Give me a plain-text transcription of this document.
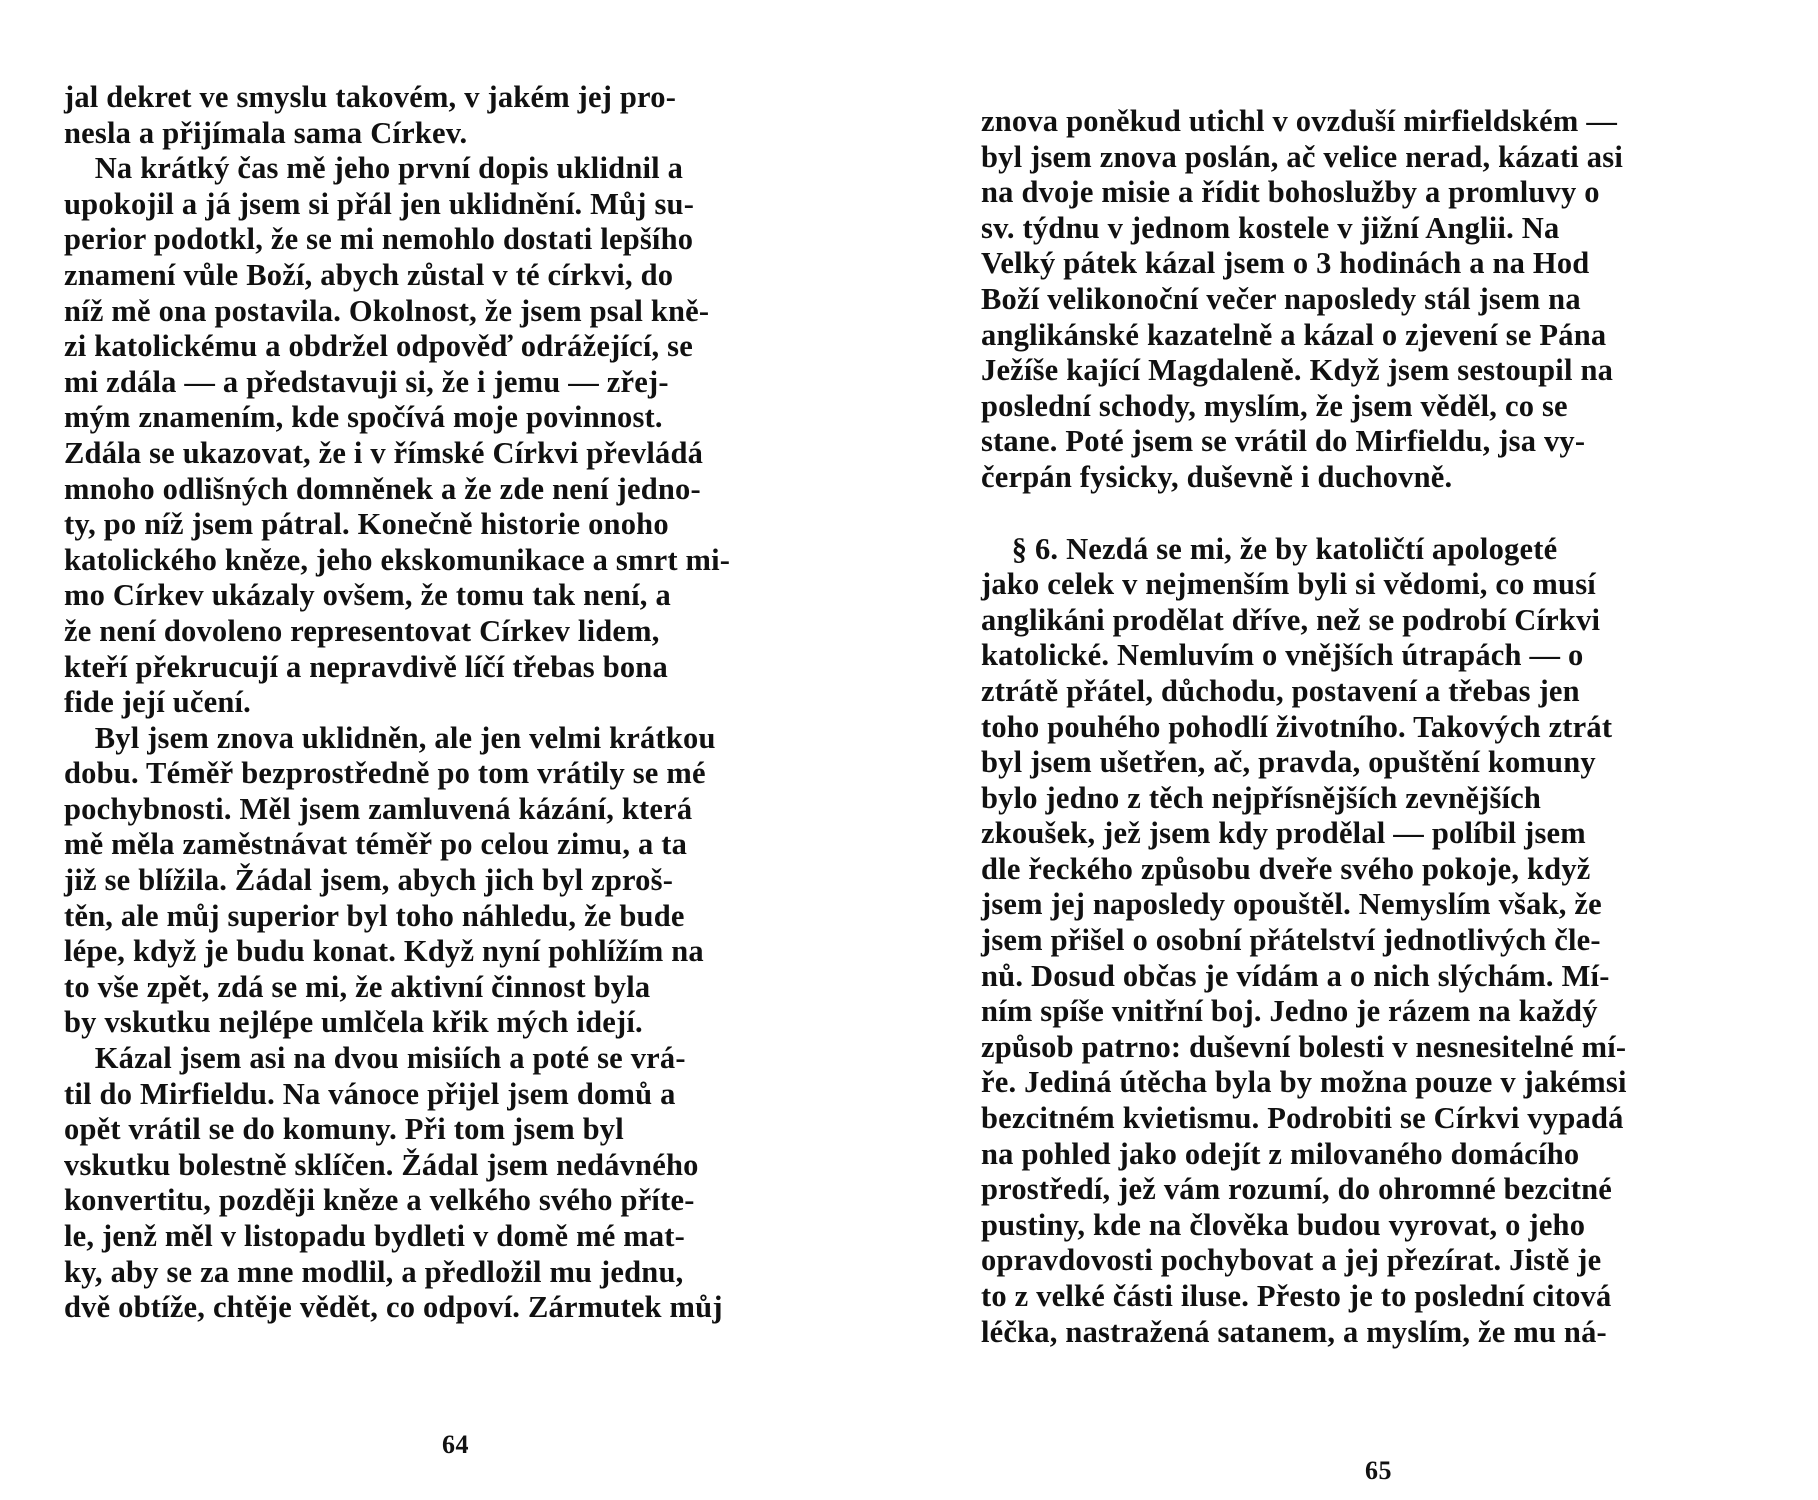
jal dekret ve smyslu takovém, v jakém jej pro-
nesla a přijímala sama Církev.
 Na krátký čas mě jeho první dopis uklidnil a
upokojil a já jsem si přál jen uklidnění. Můj su-
perior podotkl, že se mi nemohlo dostati lepšího
znamení vůle Boží, abych zůstal v té církvi, do
níž mě ona postavila. Okolnost, že jsem psal kně-
zi katolickému a obdržel odpověď odrážející, se
mi zdála — a představuji si, že i jemu — zřej-
mým znamením, kde spočívá moje povinnost.
Zdála se ukazovat, že i v římské Církvi převládá
mnoho odlišných domněnek a že zde není jedno-
ty, po níž jsem pátral. Konečně historie onoho
katolického kněze, jeho ekskomunikace a smrt mi-
mo Církev ukázaly ovšem, že tomu tak není, a
že není dovoleno representovat Církev lidem,
kteří překrucují a nepravdivě líčí třebas bona
fide její učení.
 Byl jsem znova uklidněn, ale jen velmi krátkou
dobu. Téměř bezprostředně po tom vrátily se mé
pochybnosti. Měl jsem zamluvená kázání, která
mě měla zaměstnávat téměř po celou zimu, a ta
již se blížila. Žádal jsem, abych jich byl zproš-
těn, ale můj superior byl toho náhledu, že bude
lépe, když je budu konat. Když nyní pohlížím na
to vše zpět, zdá se mi, že aktivní činnost byla
by vskutku nejlépe umlčela křik mých idejí.
 Kázal jsem asi na dvou misiích a poté se vrá-
til do Mirfieldu. Na vánoce přijel jsem domů a
opět vrátil se do komuny. Při tom jsem byl
vskutku bolestně sklíčen. Žádal jsem nedávného
konvertitu, později kněze a velkého svého příte-
le, jenž měl v listopadu bydleti v domě mé mat-
ky, aby se za mne modlil, a předložil mu jednu,
dvě obtíže, chtěje vědět, co odpoví. Zármutek můj
64
znova poněkud utichl v ovzduší mirfieldském —
byl jsem znova poslán, ač velice nerad, kázati asi
na dvoje misie a řídit bohoslužby a promluvy o
sv. týdnu v jednom kostele v jižní Anglii. Na
Velký pátek kázal jsem o 3 hodinách a na Hod
Boží velikonoční večer naposledy stál jsem na
anglikánské kazatelně a kázal o zjevení se Pána
Ježíše kající Magdaleně. Když jsem sestoupil na
poslední schody, myslím, že jsem věděl, co se
stane. Poté jsem se vrátil do Mirfieldu, jsa vy-
čerpán fysicky, duševně i duchovně.
 § 6. Nezdá se mi, že by katoličtí apologeté
jako celek v nejmenším byli si vědomi, co musí
anglikáni prodělat dříve, než se podrobí Církvi
katolické. Nemluvím o vnějších útrapách — o
ztrátě přátel, důchodu, postavení a třebas jen
toho pouhého pohodlí životního. Takových ztrát
byl jsem ušetřen, ač, pravda, opuštění komuny
bylo jedno z těch nejpřísnějších zevnějších
zkoušek, jež jsem kdy prodělal — políbil jsem
dle řeckého způsobu dveře svého pokoje, když
jsem jej naposledy opouštěl. Nemyslím však, že
jsem přišel o osobní přátelství jednotlivých čle-
nů. Dosud občas je vídám a o nich slýchám. Mí-
ním spíše vnitřní boj. Jedno je rázem na každý
způsob patrno: duševní bolesti v nesnesitelné mí-
ře. Jediná útěcha byla by možna pouze v jakémsi
bezcitném kvietismu. Podrobiti se Církvi vypadá
na pohled jako odejít z milovaného domácího
prostředí, jež vám rozumí, do ohromné bezcitné
pustiny, kde na člověka budou vyrovat, o jeho
opravdovosti pochybovat a jej přezírat. Jistě je
to z velké části iluse. Přesto je to poslední citová
léčka, nastražená satanem, a myslím, že mu ná-
65
